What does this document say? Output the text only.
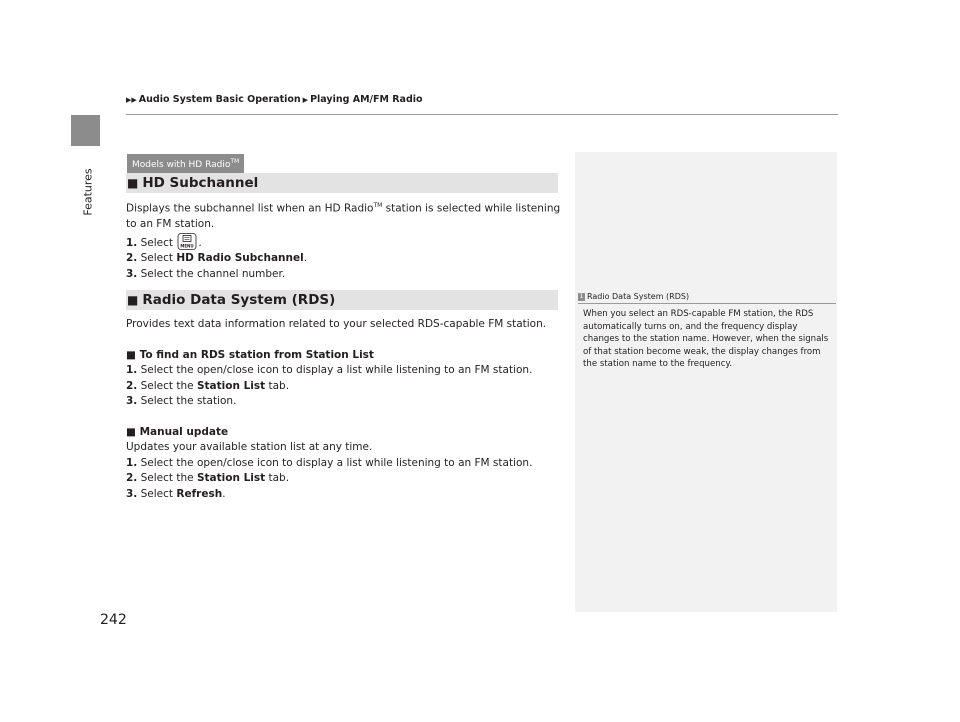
Features
▶▶ Audio System Basic Operation ▶ Playing AM/FM Radio
Models with HD Radio™
■ HD Subchannel

Displays the subchannel list when an HD Radio™ station is selected while listening to an FM station.

1. Select MENU .

2. Select HD Radio Subchannel.

3. Select the channel number.

■ Radio Data System (RDS)

Provides text data information related to your selected RDS-capable FM station.

■ To find an RDS station from Station List

1. Select the open/close icon to display a list while listening to an FM station.

2. Select the Station List tab.

3. Select the station.

■ Manual update

Updates your available station list at any time.

1. Select the open/close icon to display a list while listening to an FM station.

2. Select the Station List tab.

3. Select Refresh.

1 Radio Data System (RDS)
When you select an RDS-capable FM station, the RDS automatically turns on, and the frequency display changes to the station name. However, when the signals of that station become weak, the display changes from the station name to the frequency.
242
